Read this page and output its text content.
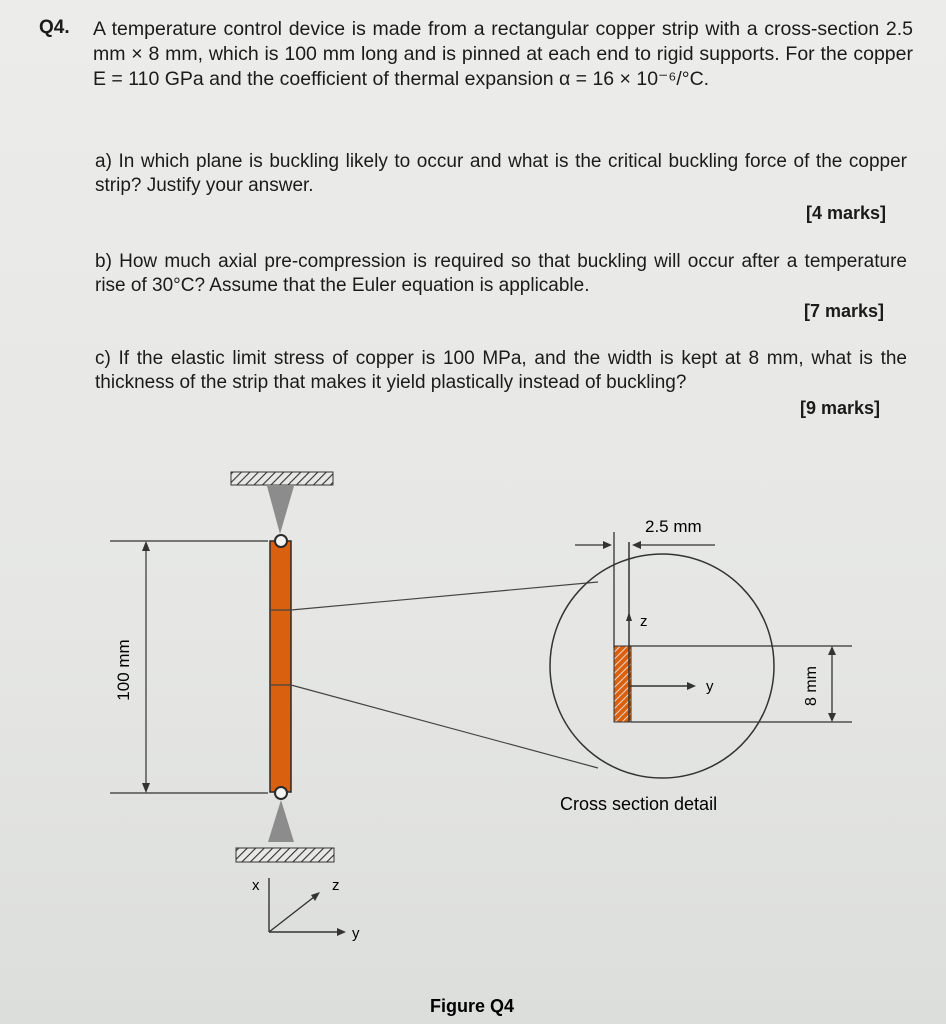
Q4. A temperature control device is made from a rectangular copper strip with a cross-section 2.5 mm × 8 mm, which is 100 mm long and is pinned at each end to rigid supports. For the copper E = 110 GPa and the coefficient of thermal expansion α = 16 × 10⁻⁶/°C.
a) In which plane is buckling likely to occur and what is the critical buckling force of the copper strip? Justify your answer.
[4 marks]
b) How much axial pre-compression is required so that buckling will occur after a temperature rise of 30°C? Assume that the Euler equation is applicable.
[7 marks]
c) If the elastic limit stress of copper is 100 MPa, and the width is kept at 8 mm, what is the thickness of the strip that makes it yield plastically instead of buckling?
[9 marks]
100 mm
z
y
2.5 mm
8 mm
Cross section detail
x	z
y
Figure Q4
